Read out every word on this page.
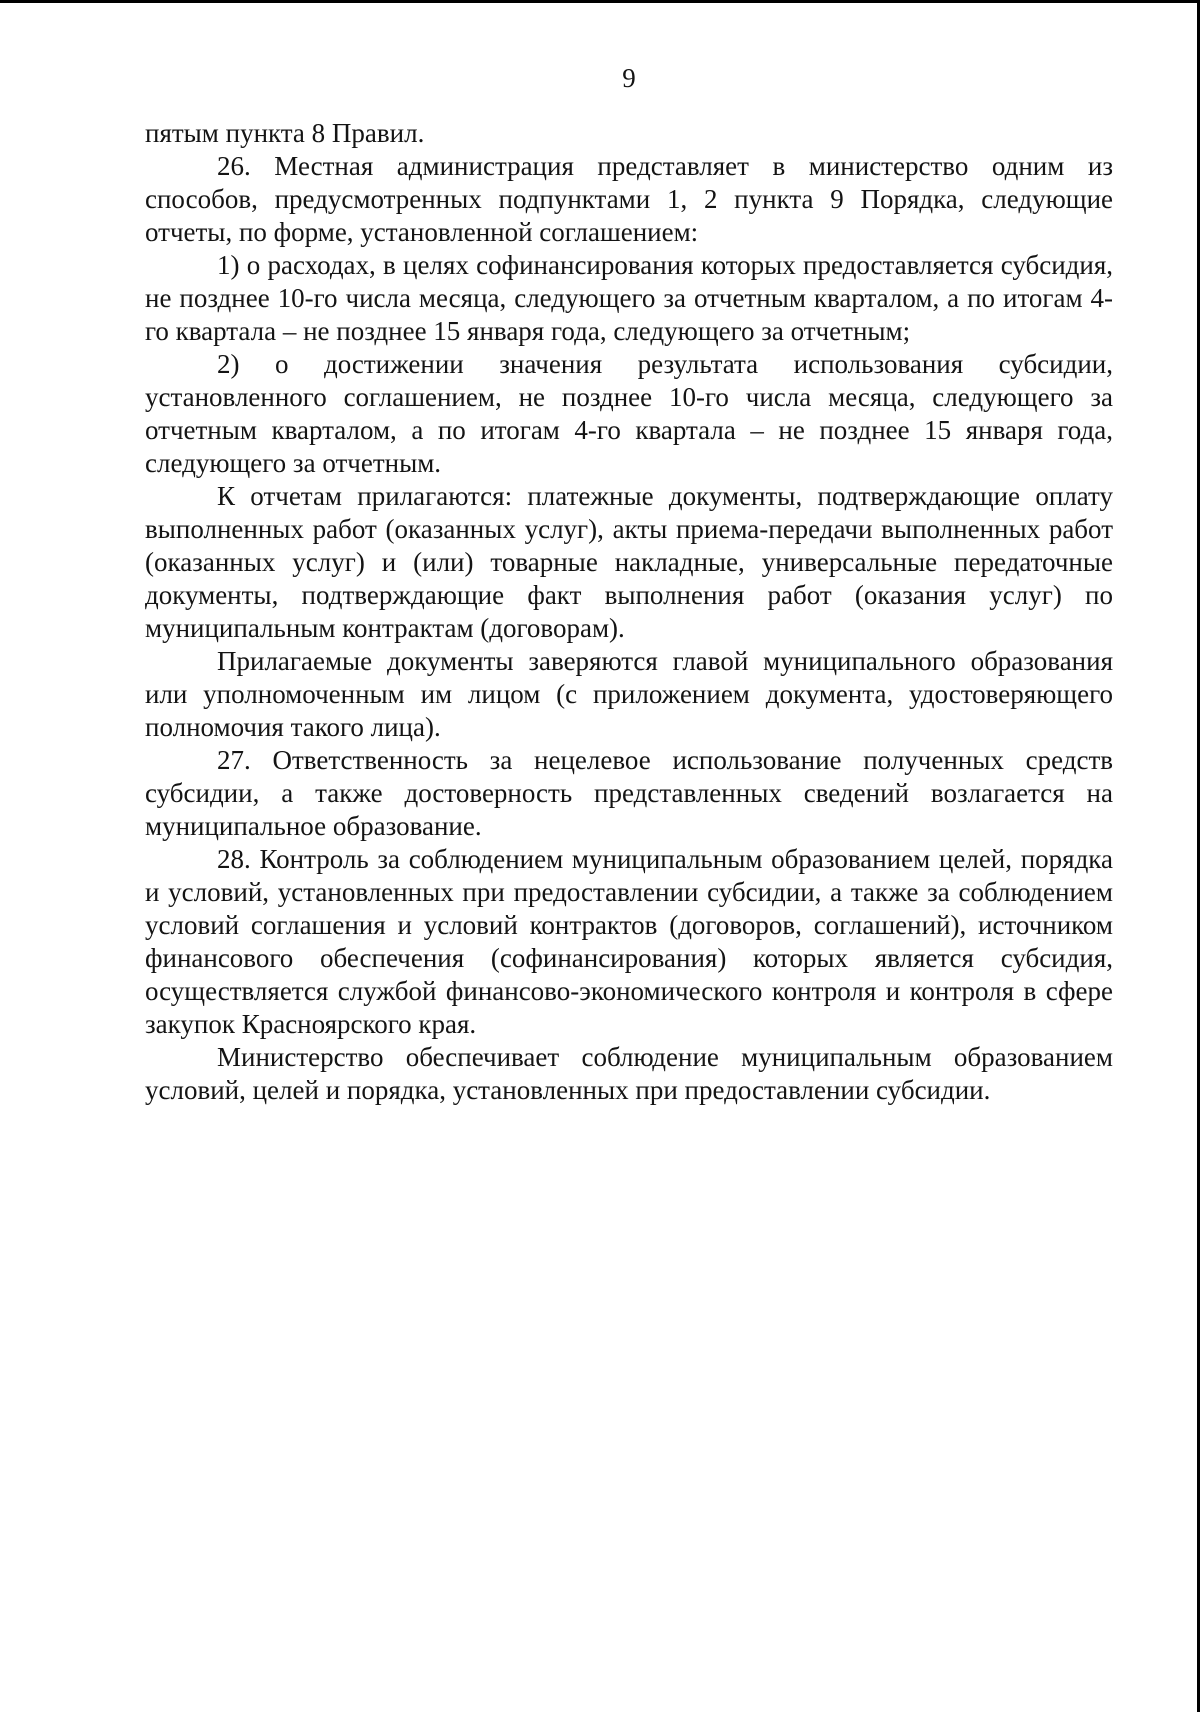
9

пятым пункта 8 Правил.

26. Местная администрация представляет в министерство одним из способов, предусмотренных подпунктами 1, 2 пункта 9 Порядка, следующие отчеты, по форме, установленной соглашением:

1) о расходах, в целях софинансирования которых предоставляется субсидия, не позднее 10-го числа месяца, следующего за отчетным кварталом, а по итогам 4-го квартала – не позднее 15 января года, следующего за отчетным;

2) о достижении значения результата использования субсидии, установленного соглашением, не позднее 10-го числа месяца, следующего за отчетным кварталом, а по итогам 4-го квартала – не позднее 15 января года, следующего за отчетным.

К отчетам прилагаются: платежные документы, подтверждающие оплату выполненных работ (оказанных услуг), акты приема-передачи выполненных работ (оказанных услуг) и (или) товарные накладные, универсальные передаточные документы, подтверждающие факт выполнения работ (оказания услуг) по муниципальным контрактам (договорам).

Прилагаемые документы заверяются главой муниципального образования или уполномоченным им лицом (с приложением документа, удостоверяющего полномочия такого лица).

27. Ответственность за нецелевое использование полученных средств субсидии, а также достоверность представленных сведений возлагается на муниципальное образование.

28. Контроль за соблюдением муниципальным образованием целей, порядка и условий, установленных при предоставлении субсидии, а также за соблюдением условий соглашения и условий контрактов (договоров, соглашений), источником финансового обеспечения (софинансирования) которых является субсидия, осуществляется службой финансово-экономического контроля и контроля в сфере закупок Красноярского края.

Министерство обеспечивает соблюдение муниципальным образованием условий, целей и порядка, установленных при предоставлении субсидии.
